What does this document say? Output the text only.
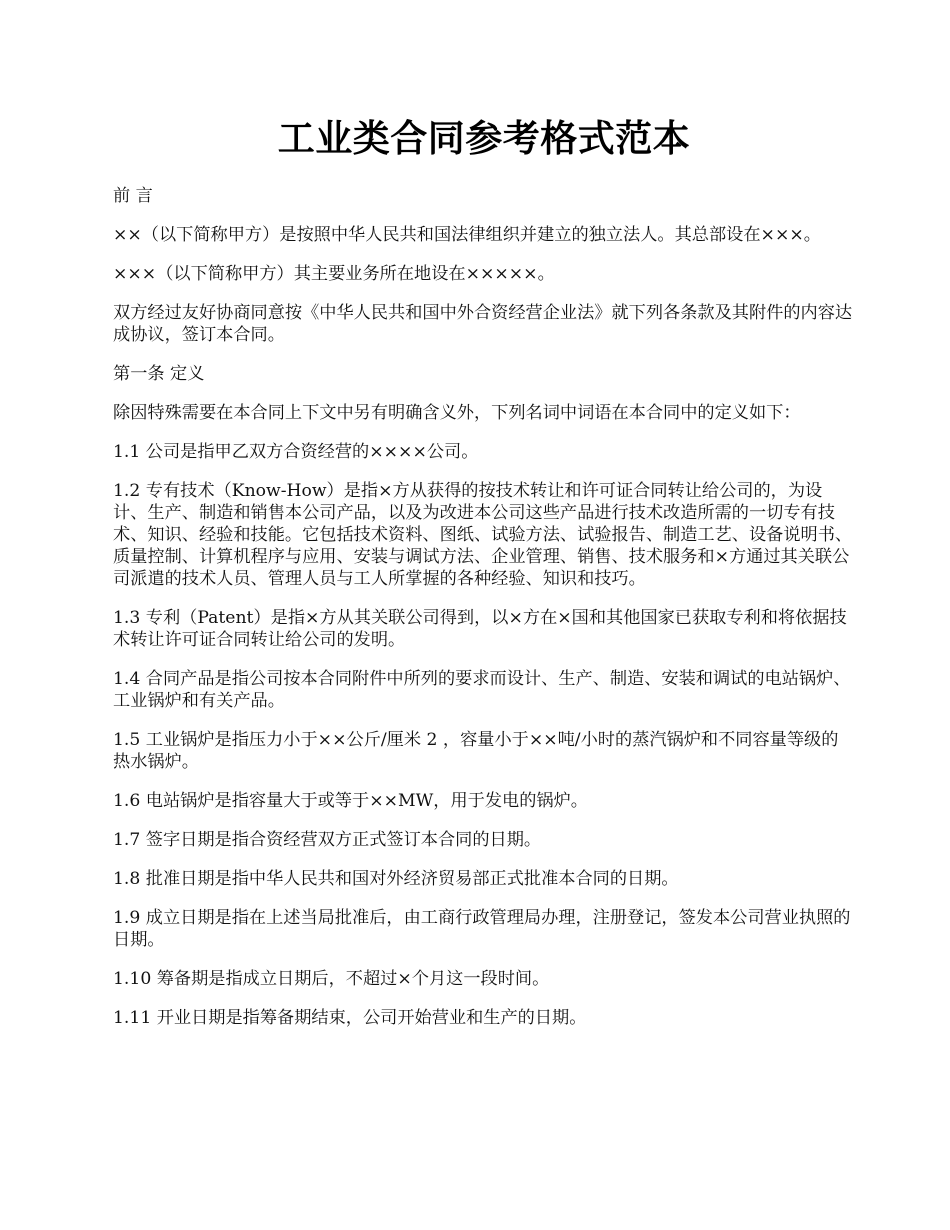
工业类合同参考格式范本

前 言

××（以下简称甲方）是按照中华人民共和国法律组织并建立的独立法人。其总部设在×××。

×××（以下简称甲方）其主要业务所在地设在×××××。

双方经过友好协商同意按《中华人民共和国中外合资经营企业法》就下列各条款及其附件的内容达成协议，签订本合同。

第一条 定义

除因特殊需要在本合同上下文中另有明确含义外，下列名词中词语在本合同中的定义如下：

1.1 公司是指甲乙双方合资经营的××××公司。

1.2 专有技术（Know-How）是指×方从获得的按技术转让和许可证合同转让给公司的，为设计、生产、制造和销售本公司产品，以及为改进本公司这些产品进行技术改造所需的一切专有技术、知识、经验和技能。它包括技术资料、图纸、试验方法、试验报告、制造工艺、设备说明书、质量控制、计算机程序与应用、安装与调试方法、企业管理、销售、技术服务和×方通过其关联公司派遣的技术人员、管理人员与工人所掌握的各种经验、知识和技巧。

1.3 专利（Patent）是指×方从其关联公司得到，以×方在×国和其他国家已获取专利和将依据技术转让许可证合同转让给公司的发明。

1.4 合同产品是指公司按本合同附件中所列的要求而设计、生产、制造、安装和调试的电站锅炉、工业锅炉和有关产品。

1.5 工业锅炉是指压力小于××公斤/厘米 2 ，容量小于××吨/小时的蒸汽锅炉和不同容量等级的热水锅炉。

1.6 电站锅炉是指容量大于或等于××MW，用于发电的锅炉。

1.7 签字日期是指合资经营双方正式签订本合同的日期。

1.8 批准日期是指中华人民共和国对外经济贸易部正式批准本合同的日期。

1.9 成立日期是指在上述当局批准后，由工商行政管理局办理，注册登记，签发本公司营业执照的日期。

1.10 筹备期是指成立日期后，不超过×个月这一段时间。

1.11 开业日期是指筹备期结束，公司开始营业和生产的日期。
